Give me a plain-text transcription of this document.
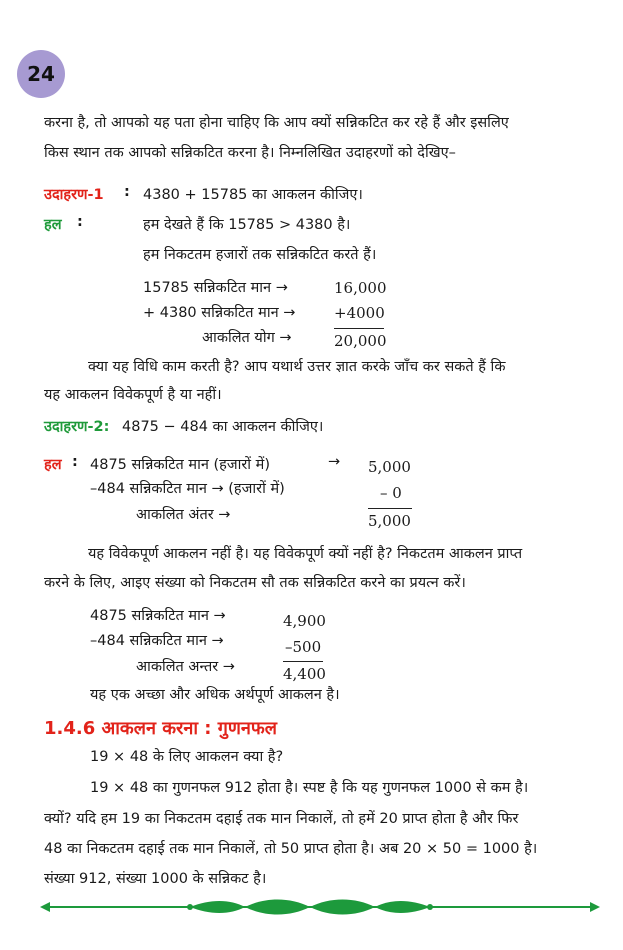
24
करना है, तो आपको यह पता होना चाहिए कि आप क्यों सन्निकटित कर रहे हैं और इसलिए
किस स्थान तक आपको सन्निकटित करना है। निम्नलिखित उदाहरणों को देखिए–
उदाहरण-1 : 4380 + 15785 का आकलन कीजिए।
हल :	हम देखते हैं कि 15785 > 4380 है।
हम निकटतम हजारों तक सन्निकटित करते हैं।
15785 सन्निकटित मान →	16,000
+ 4380 सन्निकटित मान →	+4000
आकलित योग →	20,000
क्या यह विधि काम करती है? आप यथार्थ उत्तर ज्ञात करके जाँच कर सकते हैं कि
यह आकलन विवेकपूर्ण है या नहीं।
उदाहरण-2: 4875 − 484 का आकलन कीजिए।
हल : 4875 सन्निकटित मान (हजारों में)	→ 5,000
–484 सन्निकटित मान → (हजारों में)	– 0
आकलित अंतर →	5,000
यह विवेकपूर्ण आकलन नहीं है। यह विवेकपूर्ण क्यों नहीं है? निकटतम आकलन प्राप्त
करने के लिए, आइए संख्या को निकटतम सौ तक सन्निकटित करने का प्रयत्न करें।
4875 सन्निकटित मान →	4,900
–484 सन्निकटित मान →	–500
आकलित अन्तर →	4,400
यह एक अच्छा और अधिक अर्थपूर्ण आकलन है।
1.4.6 आकलन करना : गुणनफल
19 × 48 के लिए आकलन क्या है?
19 × 48 का गुणनफल 912 होता है। स्पष्ट है कि यह गुणनफल 1000 से कम है।
क्यों? यदि हम 19 का निकटतम दहाई तक मान निकालें, तो हमें 20 प्राप्त होता है और फिर
48 का निकटतम दहाई तक मान निकालें, तो 50 प्राप्त होता है। अब 20 × 50 = 1000 है।
संख्या 912, संख्या 1000 के सन्निकट है।
